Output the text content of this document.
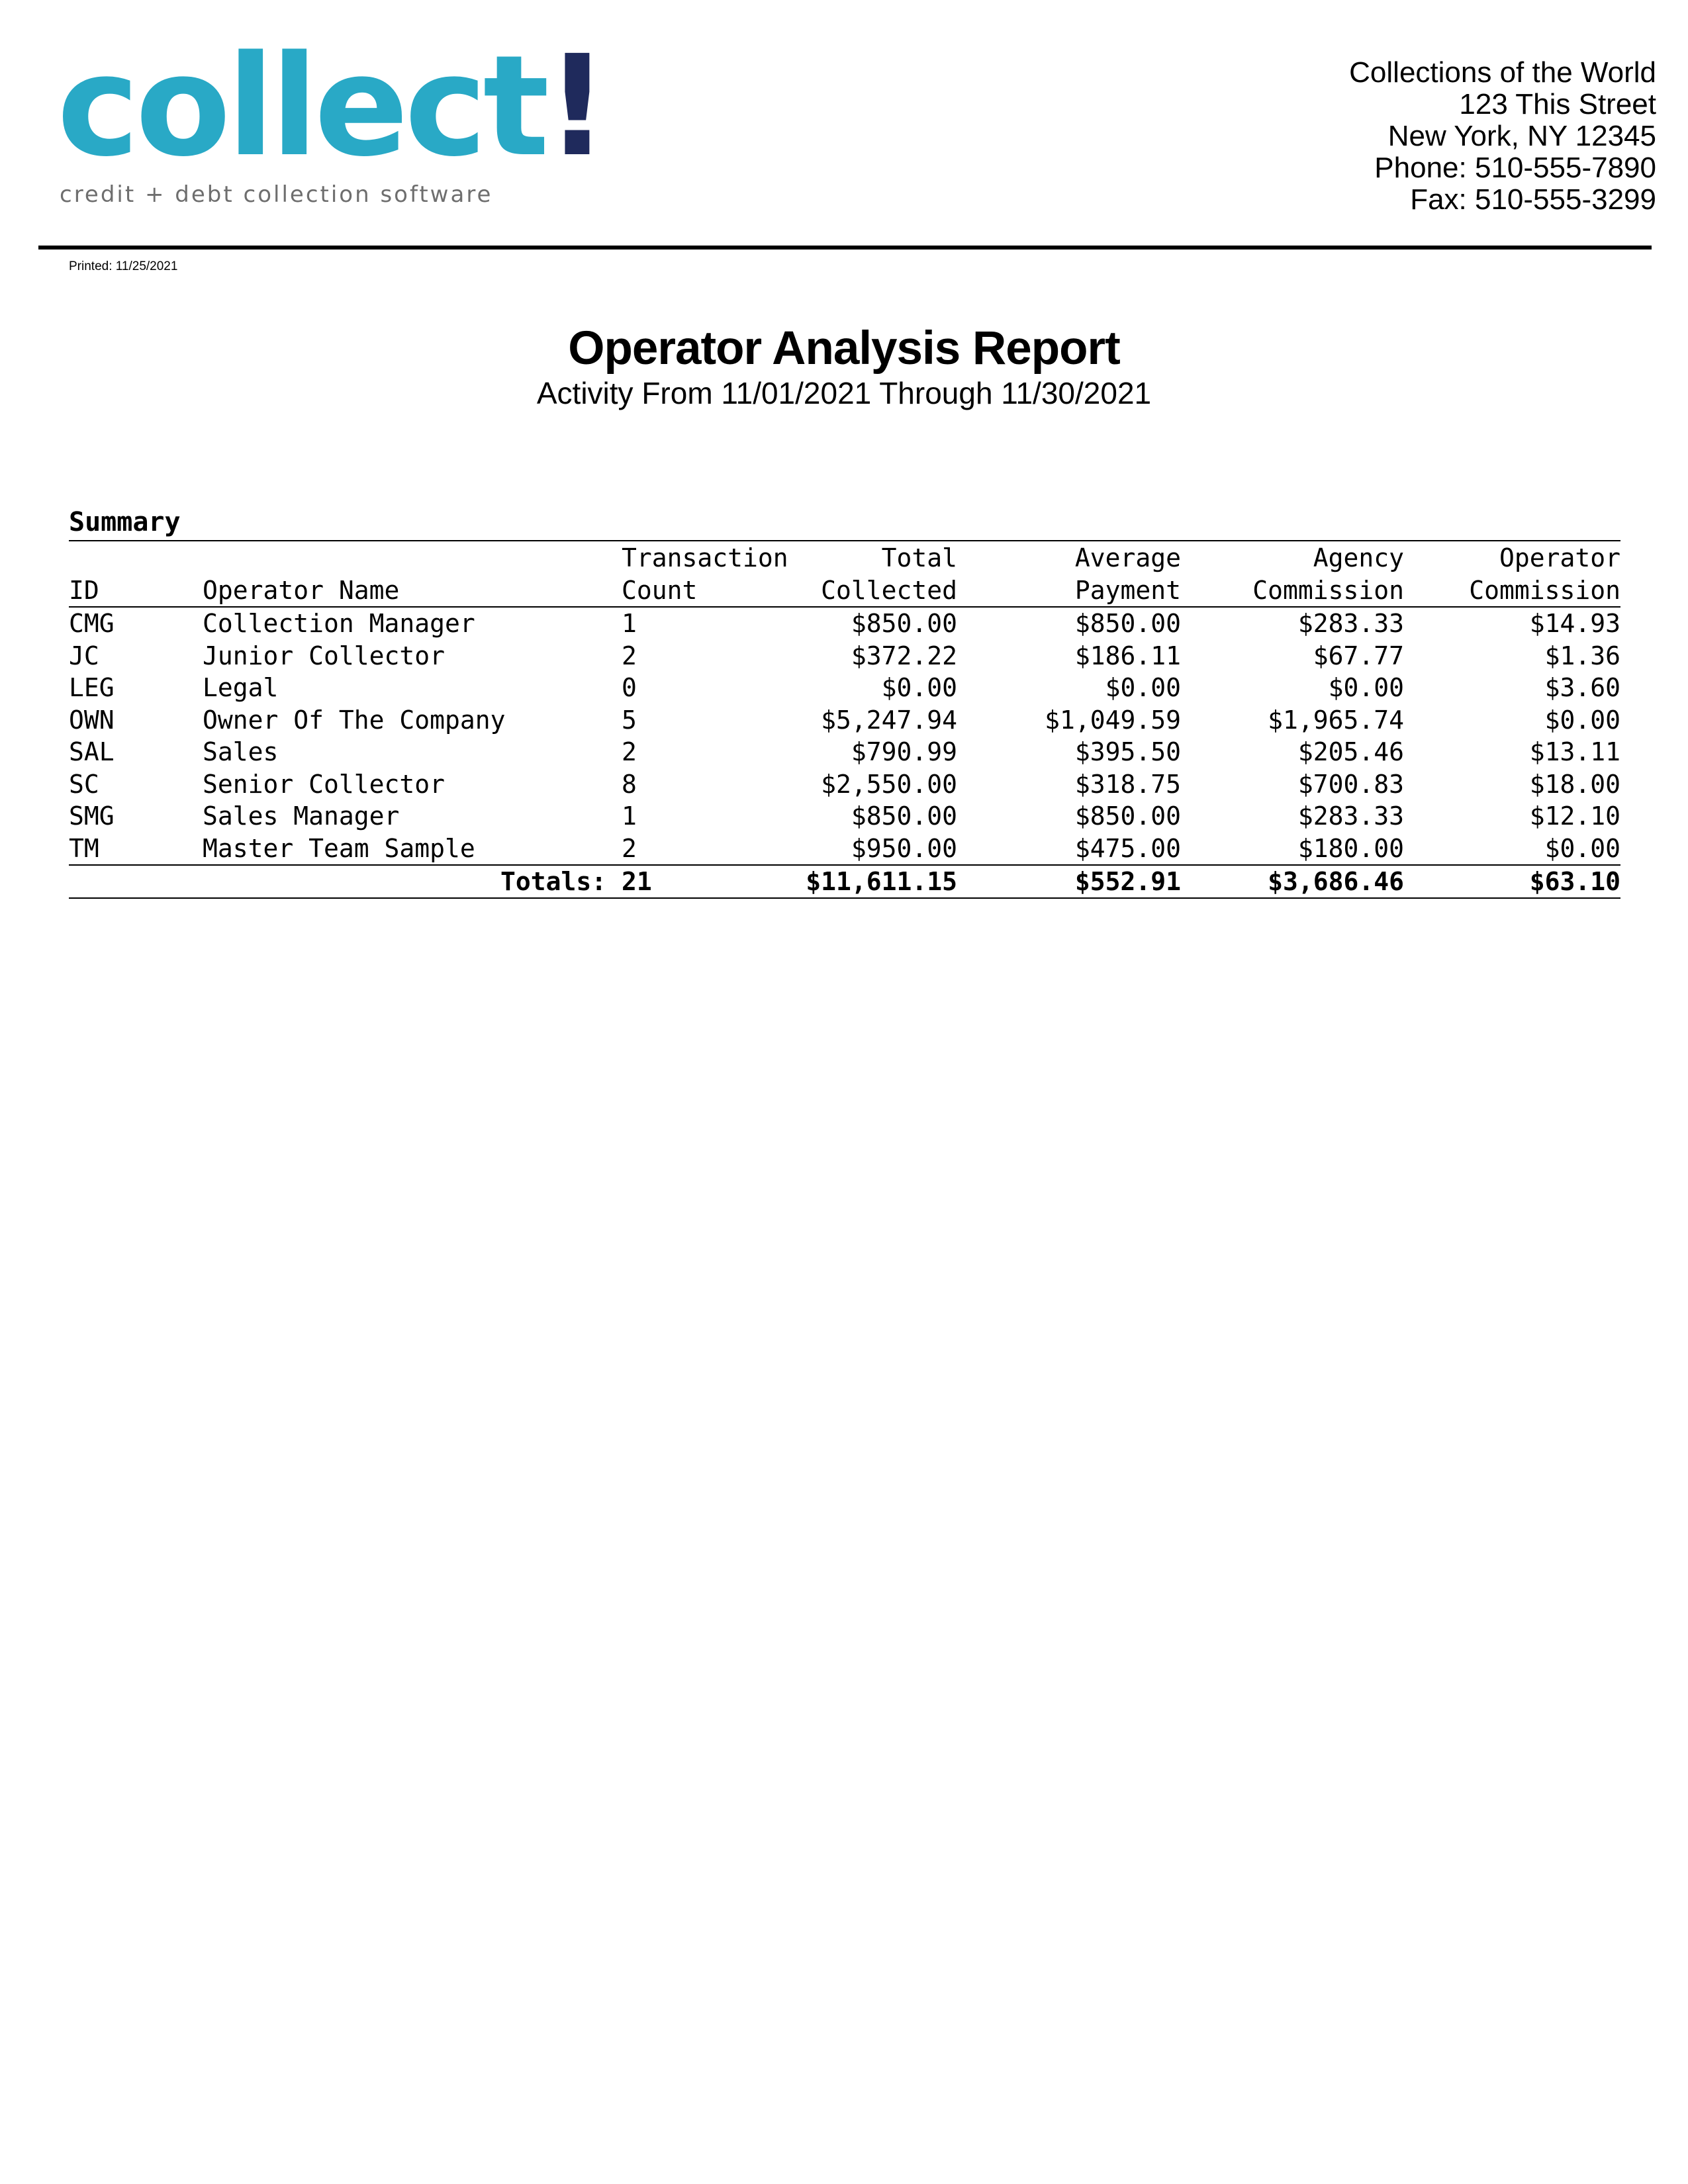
collect!
credit + debt collection software
Collections of the World
123 This Street
New York, NY 12345
Phone: 510-555-7890
Fax: 510-555-3299
Printed: 11/25/2021
Operator Analysis Report
Activity From 11/01/2021 Through 11/30/2021
Summary
		Transaction	Total	Average	Agency	Operator
ID	Operator Name	Count	Collected	Payment	Commission	Commission
CMG	Collection Manager	1	$850.00	$850.00	$283.33	$14.93
JC	Junior Collector	2	$372.22	$186.11	$67.77	$1.36
LEG	Legal	0	$0.00	$0.00	$0.00	$3.60
OWN	Owner Of The Company	5	$5,247.94	$1,049.59	$1,965.74	$0.00
SAL	Sales	2	$790.99	$395.50	$205.46	$13.11
SC	Senior Collector	8	$2,550.00	$318.75	$700.83	$18.00
SMG	Sales Manager	1	$850.00	$850.00	$283.33	$12.10
TM	Master Team Sample	2	$950.00	$475.00	$180.00	$0.00
Totals:		21	$11,611.15	$552.91	$3,686.46	$63.10
